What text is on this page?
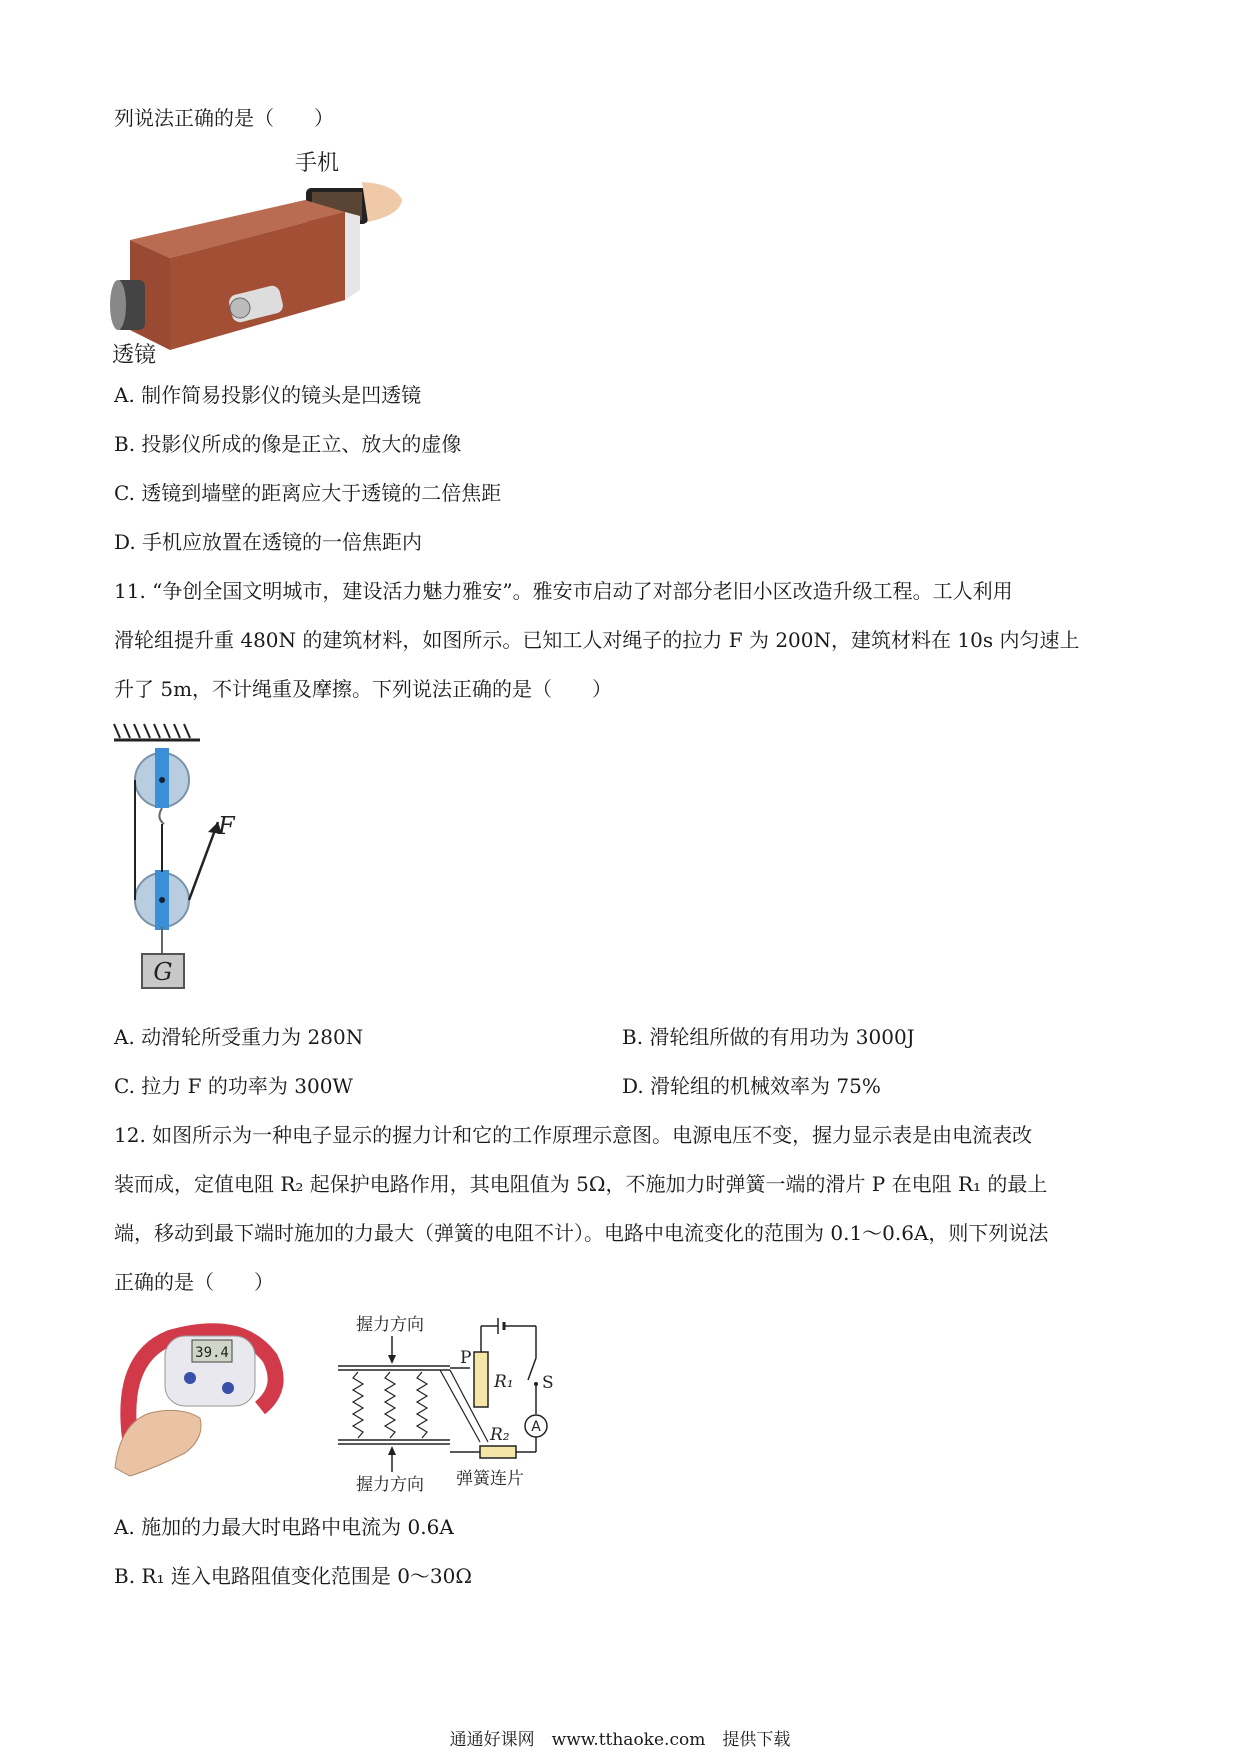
列说法正确的是（　　）
手机
透镜
A. 制作简易投影仪的镜头是凹透镜
B. 投影仪所成的像是正立、放大的虚像
C. 透镜到墙壁的距离应大于透镜的二倍焦距
D. 手机应放置在透镜的一倍焦距内
11. “争创全国文明城市，建设活力魅力雅安”。雅安市启动了对部分老旧小区改造升级工程。工人利用
滑轮组提升重 480N 的建筑材料，如图所示。已知工人对绳子的拉力 F 为 200N，建筑材料在 10s 内匀速上
升了 5m，不计绳重及摩擦。下列说法正确的是（　　）
F
G
A. 动滑轮所受重力为 280N	B. 滑轮组所做的有用功为 3000J
C. 拉力 F 的功率为 300W	D. 滑轮组的机械效率为 75%
12. 如图所示为一种电子显示的握力计和它的工作原理示意图。电源电压不变，握力显示表是由电流表改
装而成，定值电阻 R₂ 起保护电路作用，其电阻值为 5Ω，不施加力时弹簧一端的滑片 P 在电阻 R₁ 的最上
端，移动到最下端时施加的力最大（弹簧的电阻不计）。电路中电流变化的范围为 0.1～0.6A，则下列说法
正确的是（　　）
39.4
握力方向
P
R₁ S
A
R₂
握力方向 弹簧连片
A. 施加的力最大时电路中电流为 0.6A
B. R₁ 连入电路阻值变化范围是 0～30Ω
通通好课网　www.tthaoke.com　提供下载
